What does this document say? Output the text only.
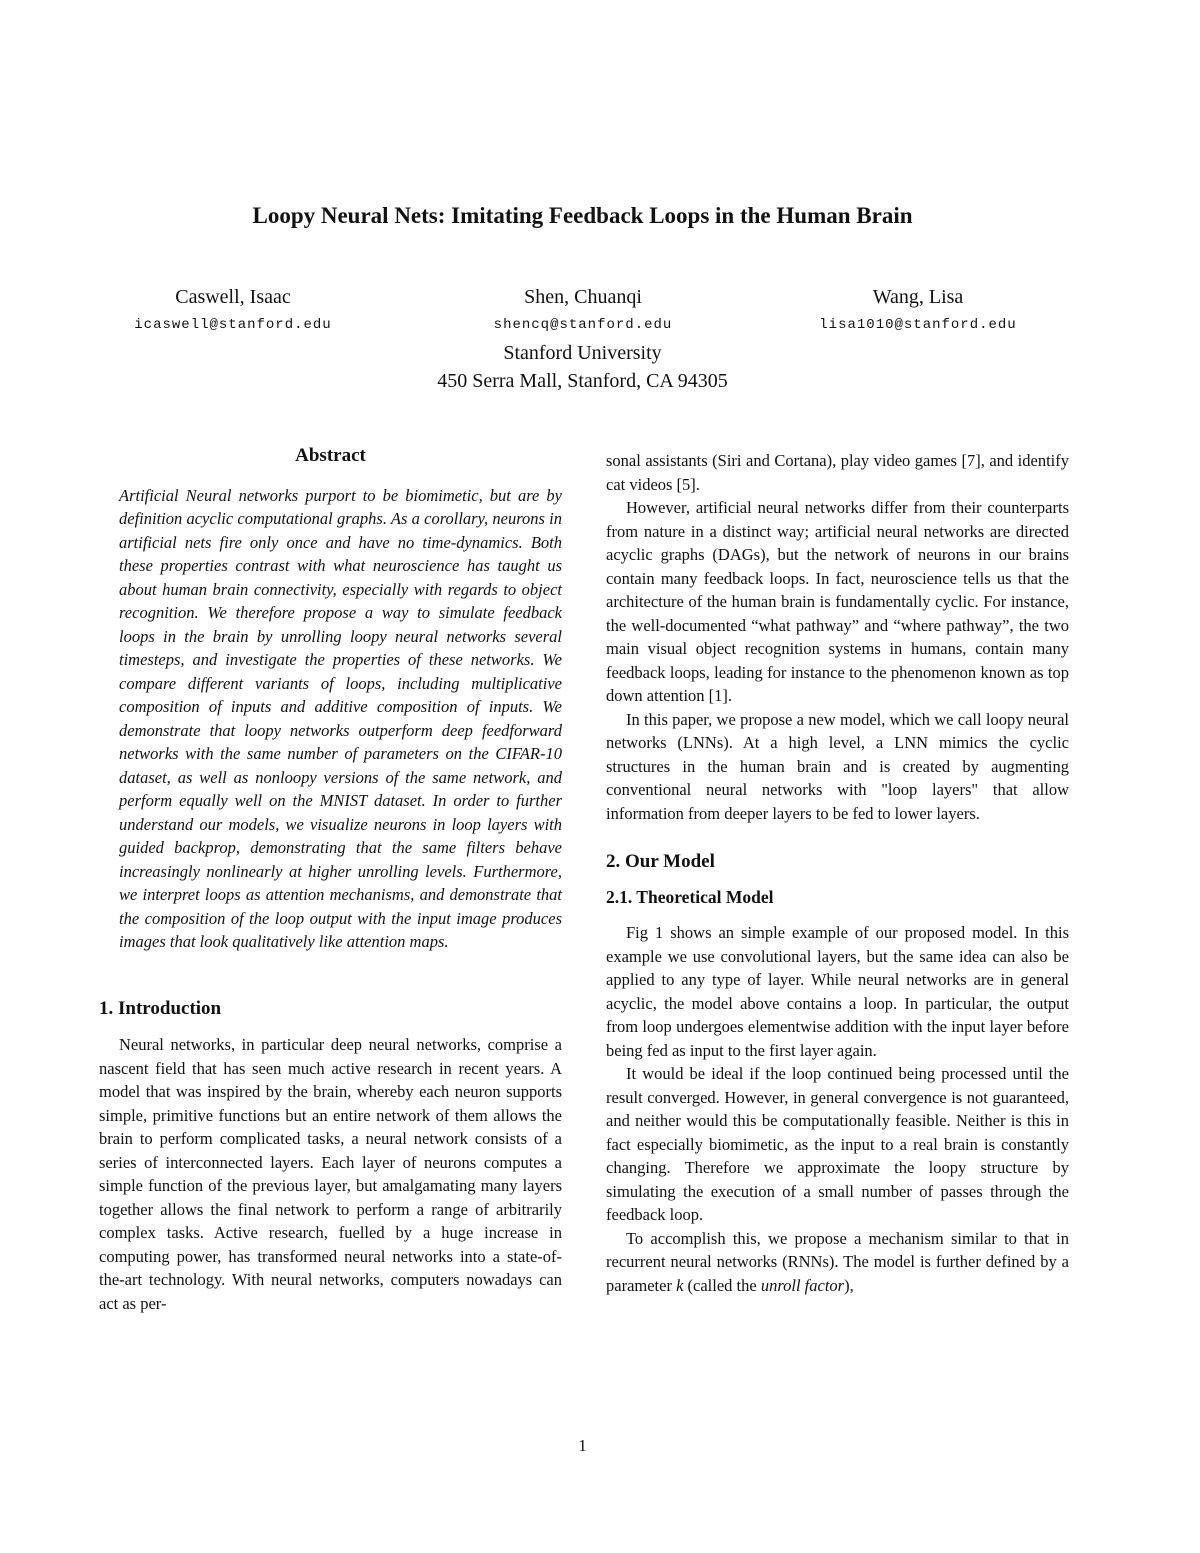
Loopy Neural Nets: Imitating Feedback Loops in the Human Brain
Caswell, Isaac
icaswell@stanford.edu
Shen, Chuanqi
shencq@stanford.edu
Wang, Lisa
lisa1010@stanford.edu
Stanford University
450 Serra Mall, Stanford, CA 94305
Abstract

Artificial Neural networks purport to be biomimetic, but are by definition acyclic computational graphs. As a corollary, neurons in artificial nets fire only once and have no time-dynamics. Both these properties contrast with what neuroscience has taught us about human brain connectivity, especially with regards to object recognition. We therefore propose a way to simulate feedback loops in the brain by unrolling loopy neural networks several timesteps, and investigate the properties of these networks. We compare different variants of loops, including multiplicative composition of inputs and additive composition of inputs. We demonstrate that loopy networks outperform deep feedforward networks with the same number of parameters on the CIFAR-10 dataset, as well as nonloopy versions of the same network, and perform equally well on the MNIST dataset. In order to further understand our models, we visualize neurons in loop layers with guided backprop, demonstrating that the same filters behave increasingly nonlinearly at higher unrolling levels. Furthermore, we interpret loops as attention mechanisms, and demonstrate that the composition of the loop output with the input image produces images that look qualitatively like attention maps.

1. Introduction

Neural networks, in particular deep neural networks, comprise a nascent field that has seen much active research in recent years. A model that was inspired by the brain, whereby each neuron supports simple, primitive functions but an entire network of them allows the brain to perform complicated tasks, a neural network consists of a series of interconnected layers. Each layer of neurons computes a simple function of the previous layer, but amalgamating many layers together allows the final network to perform a range of arbitrarily complex tasks. Active research, fuelled by a huge increase in computing power, has transformed neural networks into a state-of-the-art technology. With neural networks, computers nowadays can act as per-

sonal assistants (Siri and Cortana), play video games [7], and identify cat videos [5].

However, artificial neural networks differ from their counterparts from nature in a distinct way; artificial neural networks are directed acyclic graphs (DAGs), but the network of neurons in our brains contain many feedback loops. In fact, neuroscience tells us that the architecture of the human brain is fundamentally cyclic. For instance, the well-documented “what pathway” and “where pathway”, the two main visual object recognition systems in humans, contain many feedback loops, leading for instance to the phenomenon known as top down attention [1].

In this paper, we propose a new model, which we call loopy neural networks (LNNs). At a high level, a LNN mimics the cyclic structures in the human brain and is created by augmenting conventional neural networks with "loop layers" that allow information from deeper layers to be fed to lower layers.

2. Our Model
2.1. Theoretical Model

Fig 1 shows an simple example of our proposed model. In this example we use convolutional layers, but the same idea can also be applied to any type of layer. While neural networks are in general acyclic, the model above contains a loop. In particular, the output from loop undergoes elementwise addition with the input layer before being fed as input to the first layer again.

It would be ideal if the loop continued being processed until the result converged. However, in general convergence is not guaranteed, and neither would this be computationally feasible. Neither is this in fact especially biomimetic, as the input to a real brain is constantly changing. Therefore we approximate the loopy structure by simulating the execution of a small number of passes through the feedback loop.

To accomplish this, we propose a mechanism similar to that in recurrent neural networks (RNNs). The model is further defined by a parameter k (called the unroll factor),

1
